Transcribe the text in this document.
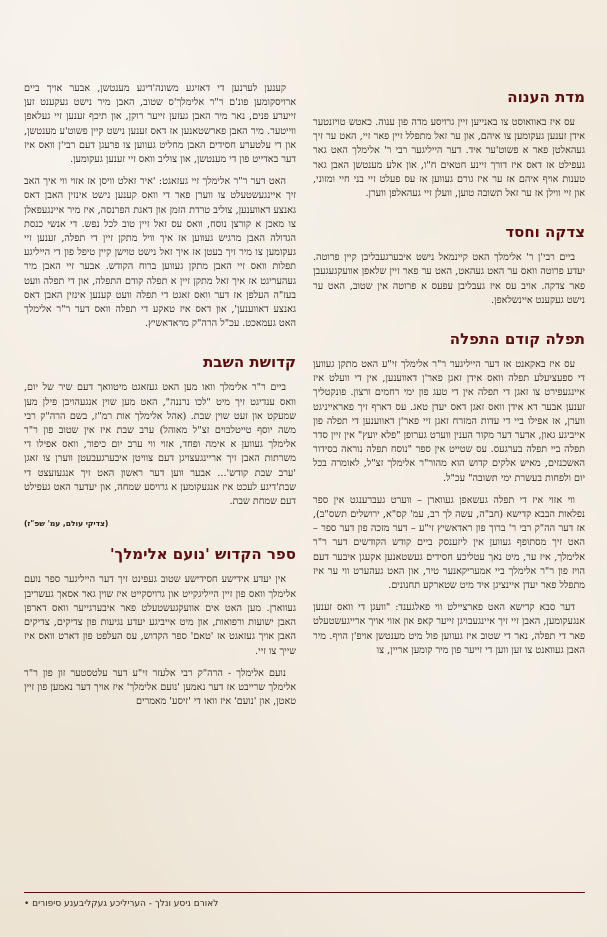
מדת הענוה

עס איז באוואוסט צו באנייען זיין גרויסע מדה פון ענוה. כאטש טויזנטער אידן זענען געקומען צו איהם, און ער זאל מתפלל זיין פאר זיי, האט ער זיך געהאלטן פאר א פשוט'ער איד. דער הייליגער רבי ר' אלימלך האט גאר געפילט אז דאס איז דורך זיינע חטאים ח"ו, און אלע מענטשן האבן גאר טענות אויף איהם אז ער איז גורם געווען אז עס פעלט זיי בני חיי ומזוני, און זיי ווילן אז ער זאל תשובה טוען, וועלן זיי געהאלפן ווערן.

צדקה וחסד

ביים רבי'ן ר' אלימלך האט קיינמאל נישט איבערגעבליבן קיין פרוטה. יעדע פרוטה וואס ער האט געהאט, האט ער פאר זיין שלאפן אוועקגעגעבן פאר צדקה. אויב עס איז געבליבן עפעס א פרוטה אין שטוב, האט ער נישט געקענט איינשלאפן.

תפלה קודם התפלה

עס איז באקאנט אז דער הייליגער ר"ר אלימלך זי"ע האט מתקן געווען די ספעציעלע תפלה וואס אידן זאגן פאר'ן דאווענען, אין די וועלט איז איינגעפירט צו זאגן די תפלה אין די טעג פון ימי רחמים ורצון. פונקטליך זענען אבער דא אידן וואס זאגן דאס יעדן טאג. עס דארף זיך פאראייניגט ווערן, אז אפילו ביי די עדות המזרח זאגן זיי פאר'ן דאווענען די תפלה פון אייביגע גאון, אדער דער מקור הענין ווערט גערופן "פלא יועץ" אין זיין סדר תפלה ביי תפלה בערגעס. עס שטייט אין ספר "נוסח תפלה נוראה בסידור האשכנזים, מאיש אלקים קדוש הוא מהור"ר אלימלך זצ"ל, לאומרה בכל יום ולפחות בעשרת ימי תשובה" עכ"ל.

ווי אזוי איז די תפלה געשאפן געווארן – ווערט געברענגט אין ספר נפלאות הבבא קדישא (חב"ה, עשה לך רב, עמ' קס"א, ירושלים תשס"ב), אז דער הה"ק רבי ר' ברוך פון ראדאשיץ זי"ע – דער מזכה פון דער ספר – האט זיך מסתופף געווען אין ליזענסק ביים קודש הקודשים דער ר"ר אלימלך, איז ער, מיט נאך עטליכע חסידים געשטאנען אקעגן איבער דעם הויז פון ר"ר אלימלך ביי אמעריקאנער טיר, און האט געהערט ווי ער איז מתפלל פאר יעדן איינציגן איד מיט שטארקע תחנונים.

דער סבא קדישא האט פארציילט ווי פאלגענד: "וועגן די וואס זענען אנגעקומען, האבן זיי זיך איינגעבויגן זייער קאפ און אזוי אויך ארייגעשטעלט פאר די תפלה, נאר די שטוב איז געווען פול מיט מענטשן אויפ'ן הויף. מיר האבן געוואנט צו זען ווען די זייער פון מיר קומען אריין, צו

קענען לערנען די דאזיגע משונה'דיגע מענטשן, אבער אויך ביים ארויסקומען פונ'ם ר"ר אלימלך'ס שטוב, האבן מיר נישט געקענט זען זייערע פנים, נאר מיר האבן געזען זייער רוקן, און תיכף זענען זיי געלאפן ווייטער. מיר האבן פארשטאנען אז דאס זענען נישט קיין פשוט'ע מענטשן, און די עלטערע חסידים האבן מחליט געווען צו פרעגן דעם רבי'ן וואס איז דער באדייט פון די מענטשן, און צוליב וואס זיי זענען געקומען.

האט דער ר"ר אלימלך זיי געזאגט: 'איר זאלט וויסן אז אזוי ווי איך האב זיך איינגעשטעלט צו ווערן פאר די וואס קענען נישט אינזין האבן דאס גאנצע דאווענען, צוליב טרדת הזמן און דאגת הפרנסה, איז מיר איינגעפאלן צו מאכן א קורצן נוסח, וואס עס זאל זיין טוב לכל נפש. די אנשי כנסת הגדולה האבן מרגיש געווען אז איך וויל מתקן זיין די תפלה, זענען זיי געקומען צו מיר זיך בעטן אז איך זאל נישט טוישן קיין טיפל פון די הייליגע תפלות וואס זיי האבן מתקן געווען ברוח הקודש. אבער זיי האבן מיר געהעריגט אז איך זאל מתקן זיין א תפלה קודם התפלה, און די תפלה וועט בעז"ה העלפן אז דער וואס זאגט די תפלה וועט קענען אינזין האבן דאס גאנצע דאווענען', און דאס איז טאקע די תפלה וואס דער ר"ר אלימלך האט געמאכט. עכ"ל הרה"ק מראדאשיץ.

קדושת השבת

ביים ר"ר אלימלך וואו מען האט געזאגט מיטוואך דעם שיר של יום, וואס ענדיגט זיך מיט "לכו נרננה", האט מען שוין אנגעהויבן פילן מען שמעקט און זעט שוין שבת. (אהל אלימלך אות רמ"ז, בשם הרה"ק רבי משה יוסף טייטלבוים זצ"ל מאוהל) ערב שבת איז אין שטוב פון ר"ר אלימלך געווען א אימה ופחד, אזוי ווי ערב יום כיפור, וואס אפילו די משרתות האבן זיך אריינגעצויגן דעם צוויטן איבערגעבעטן ווערן צו זאגן 'ערב שבת קודש'... אבער ווען דער ראשון האט זיך אנגעזעצט די שבת'דיגע לעכט איז אנגעקומען א גרויסע שמחה, און יעדער האט געפילט דעם שמחת שבת.

(צדיקי עולם, עמ' שפ"ז)
ספר הקדוש 'נועם אלימלך'

אין יעדע אידישע חסידישע שטוב געפינט זיך דער הייליגער ספר נועם אלימלך וואס פון זיין הייליגקייט און גרויסקייט איז שוין גאר אסאך געשריבן געווארן. מען האט אים אוועקגעשטעלט פאר איבערגייער וואס דארפן האבן ישועות ורפואות, און מיט אייביגע יעדע נגיעות פון צדיקים, צדיקים האבן אויך געזאגט אז 'טאם' ספר הקדוש, עס העלפט פון דארט וואס איז שייך צו זיי.

נועם אלימלך - הרה"ק רבי אלעזר זי"ע דער עלטסטער זון פון ר"ר אלימלך שרייבט אז דער נאמען 'נועם אלימלך' איז אויך דער נאמען פון זיין טאטן, און 'נועם' איז וואו די 'זיסע' מאמרים

לאורם ניסע ונלך - העריליכע געקליבענע סיפורים •
